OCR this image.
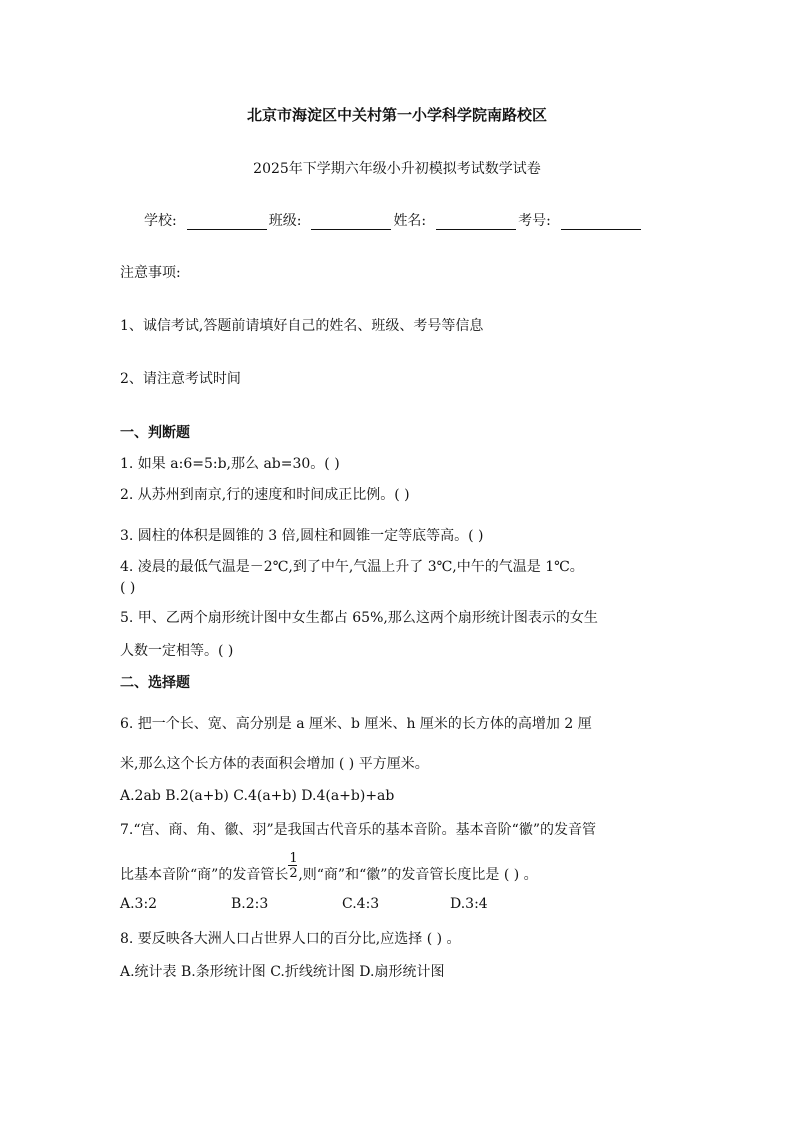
北京市海淀区中关村第一小学科学院南路校区
2025年下学期六年级小升初模拟考试数学试卷
学校:	班级:	姓名:	考号:
注意事项:
1、诚信考试,答题前请填好自己的姓名、班级、考号等信息
2、请注意考试时间
一、判断题
1. 如果 a:6=5:b,那么 ab=30。( )
2. 从苏州到南京,行的速度和时间成正比例。( )
3. 圆柱的体积是圆锥的 3 倍,圆柱和圆锥一定等底等高。( )
4. 凌晨的最低气温是－2℃,到了中午,气温上升了 3℃,中午的气温是 1℃。
( )
5. 甲、乙两个扇形统计图中女生都占 65%,那么这两个扇形统计图表示的女生
人数一定相等。( )
二、选择题
6. 把一个长、宽、高分别是 a 厘米、b 厘米、h 厘米的长方体的高增加 2 厘
米,那么这个长方体的表面积会增加 ( ) 平方厘米。
A.2ab B.2(a+b) C.4(a+b) D.4(a+b)+ab
7.“宫、商、角、徽、羽”是我国古代音乐的基本音阶。基本音阶“徽”的发音管
比基本音阶“商”的发音管长 $\frac{1}{2}$ ,则“商”和“徽”的发音管长度比是 ( ) 。
A.3:2	B.2:3	C.4:3	D.3:4
8. 要反映各大洲人口占世界人口的百分比,应选择 ( ) 。
A.统计表 B.条形统计图 C.折线统计图 D.扇形统计图
